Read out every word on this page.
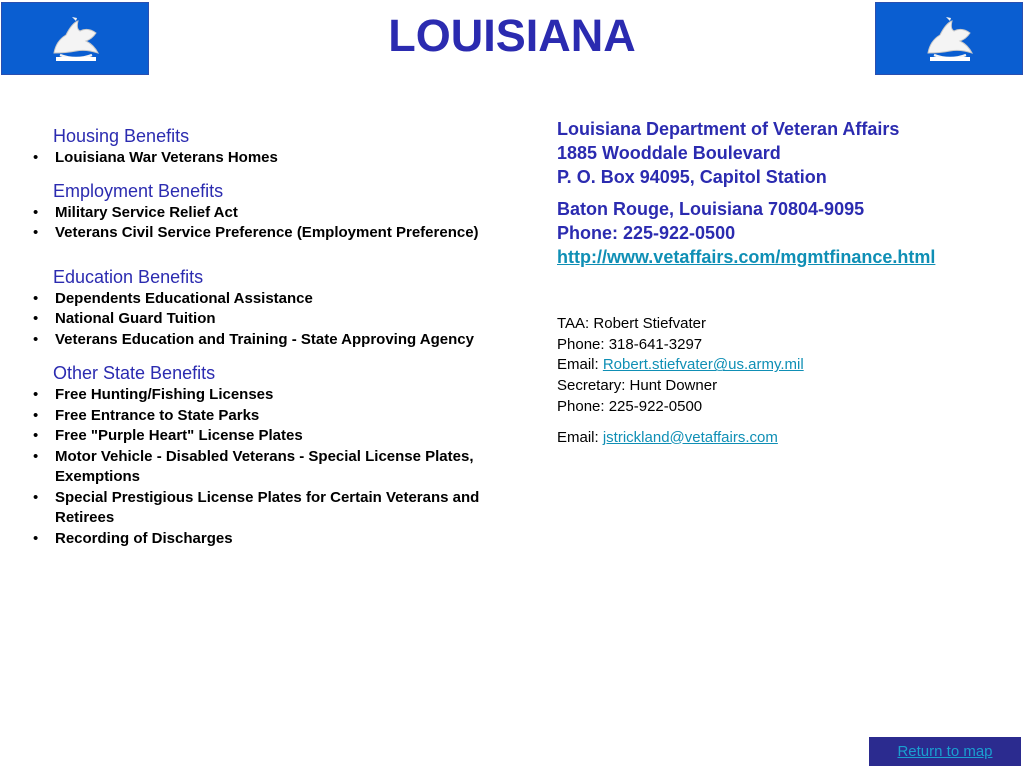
LOUISIANA
Housing Benefits
• Louisiana War Veterans Homes
Employment Benefits
• Military Service Relief Act
• Veterans Civil Service Preference (Employment Preference)
Education Benefits
• Dependents Educational Assistance
• National Guard Tuition
• Veterans Education and Training - State Approving Agency
Other State Benefits
• Free Hunting/Fishing Licenses
• Free Entrance to State Parks
• Free "Purple Heart" License Plates
• Motor Vehicle - Disabled Veterans - Special License Plates, Exemptions
• Special Prestigious License Plates for Certain Veterans and Retirees
• Recording of Discharges
Louisiana Department of Veteran Affairs
1885 Wooddale Boulevard
P. O. Box 94095, Capitol Station
Baton Rouge, Louisiana 70804-9095
Phone: 225-922-0500
http://www.vetaffairs.com/mgmtfinance.html
TAA: Robert Stiefvater
Phone: 318-641-3297
Email: Robert.stiefvater@us.army.mil
Secretary: Hunt Downer
Phone: 225-922-0500
Email: jstrickland@vetaffairs.com
Return to map
